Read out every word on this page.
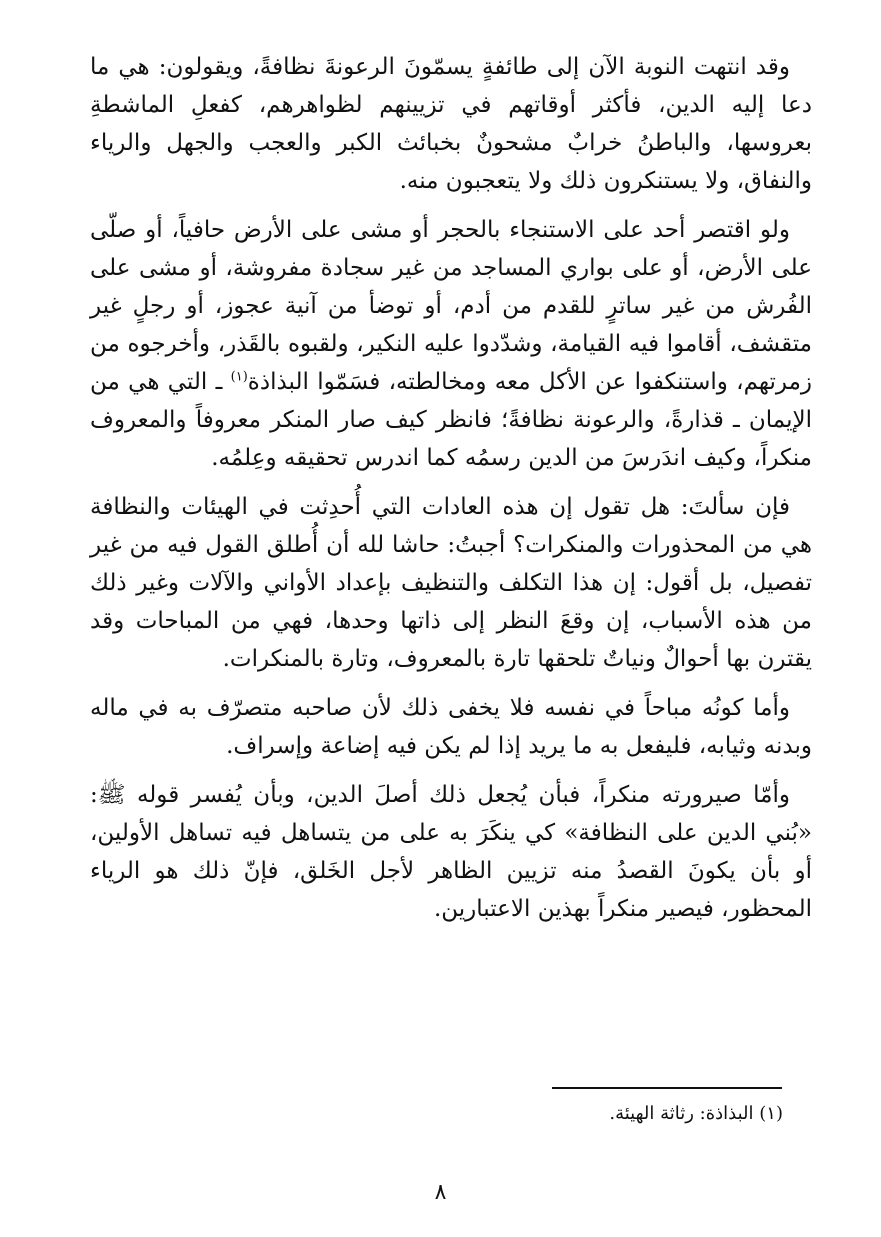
وقد انتهت النوبة الآن إلى طائفةٍ يسمّونَ الرعونةَ نظافةً، ويقولون: هي ما دعا إليه الدين، فأكثر أوقاتهم في تزيينهم لظواهرهم، كفعلِ الماشطةِ بعروسها، والباطنُ خرابٌ مشحونٌ بخبائث الكبر والعجب والجهل والرياء والنفاق، ولا يستنكرون ذلك ولا يتعجبون منه.

ولو اقتصر أحد على الاستنجاء بالحجر أو مشى على الأرض حافياً، أو صلّى على الأرض، أو على بواري المساجد من غير سجادة مفروشة، أو مشى على الفُرش من غير ساترٍ للقدم من أدم، أو توضأ من آنية عجوز، أو رجلٍ غير متقشف، أقاموا فيه القيامة، وشدّدوا عليه النكير، ولقبوه بالقَذر، وأخرجوه من زمرتهم، واستنكفوا عن الأكل معه ومخالطته، فسَمّوا البذاذة$^{(١)}$ ـ التي هي من الإيمان ـ قذارةً، والرعونة نظافةً؛ فانظر كيف صار المنكر معروفاً والمعروف منكراً، وكيف اندَرسَ من الدين رسمُه كما اندرس تحقيقه وعِلمُه.

فإن سألتَ: هل تقول إن هذه العادات التي أُحدِثت في الهيئات والنظافة هي من المحذورات والمنكرات؟ أجبتُ: حاشا لله أن أُطلق القول فيه من غير تفصيل، بل أقول: إن هذا التكلف والتنظيف بإعداد الأواني والآلات وغير ذلك من هذه الأسباب، إن وقعَ النظر إلى ذاتها وحدها، فهي من المباحات وقد يقترن بها أحوالٌ ونياتٌ تلحقها تارة بالمعروف، وتارة بالمنكرات.

وأما كونُه مباحاً في نفسه فلا يخفى ذلك لأن صاحبه متصرّف به في ماله وبدنه وثيابه، فليفعل به ما يريد إذا لم يكن فيه إضاعة وإسراف.

وأمّا صيرورته منكراً، فبأن يُجعل ذلك أصلَ الدين، وبأن يُفسر قوله ﷺ: «بُني الدين على النظافة» كي ينكَرَ به على من يتساهل فيه تساهل الأولين، أو بأن يكونَ القصدُ منه تزيين الظاهر لأجل الخَلق، فإنّ ذلك هو الرياء المحظور، فيصير منكراً بهذين الاعتبارين.

(١) البذاذة: رثاثة الهيئة.
٨
